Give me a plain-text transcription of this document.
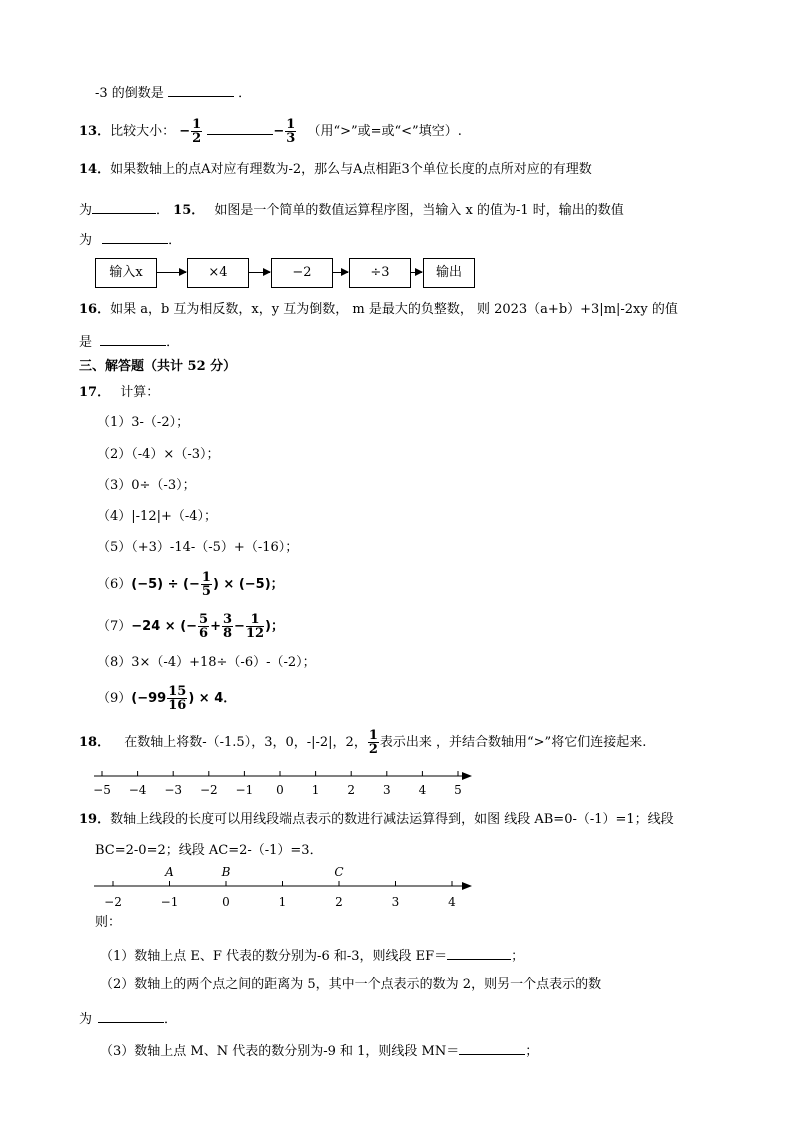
-3 的倒数是	．
13．比较大小： − $\frac{1}{2}$	− $\frac{1}{3}$ （用“>”或=或“<”填空）.
14．如果数轴上的点A对应有理数为-2，那么与A点相距3个单位长度的点所对应的有理数
为	． 15． 如图是一个简单的数值运算程序图，当输入 x 的值为-1 时，输出的数值
为	．
输入x	×4	−2	÷3	输出
16．如果 a，b 互为相反数，x，y 互为倒数， m 是最大的负整数， 则 2023（a+b）+3|m|-2xy 的值
是	．
三、解答题（共计 52 分）
17． 计算：
（1）3-（-2）；
（2）（-4）×（-3）；
（3）0÷（-3）；
（4）|-12|+（-4）；
（5）（+3）-14-（-5）+（-16）；
（6）(−5) ÷ (− $\frac{1}{5}$ ) × (−5)；
（7）−24 × (− $\frac{5}{6} + \frac{3}{8} - \frac{1}{12}$ )；
（8）3×（-4）+18÷（-6）-（-2）；
$(9)(-99 \frac{15}{16}$ ) × 4．
18． 在数轴上将数-（-1.5），3，0，-|-2|，2， $\frac{1}{2}$ 表示出来 ，并结合数轴用“>”将它们连接起来.
−5 −4 −3 −2 −1 0 1 2 3 4 5
19．数轴上线段的长度可以用线段端点表示的数进行减法运算得到，如图 线段 AB=0-（-1）=1；线段
BC=2-0=2；线段 AC=2-（-1）=3．
−2	−1	0	1	2	3	4
A	B	C
则：
（1）数轴上点 E、F 代表的数分别为-6 和-3，则线段 EF＝	；
（2）数轴上的两个点之间的距离为 5，其中一个点表示的数为 2，则另一个点表示的数
为	．
（3）数轴上点 M、N 代表的数分别为-9 和 1，则线段 MN＝	；
